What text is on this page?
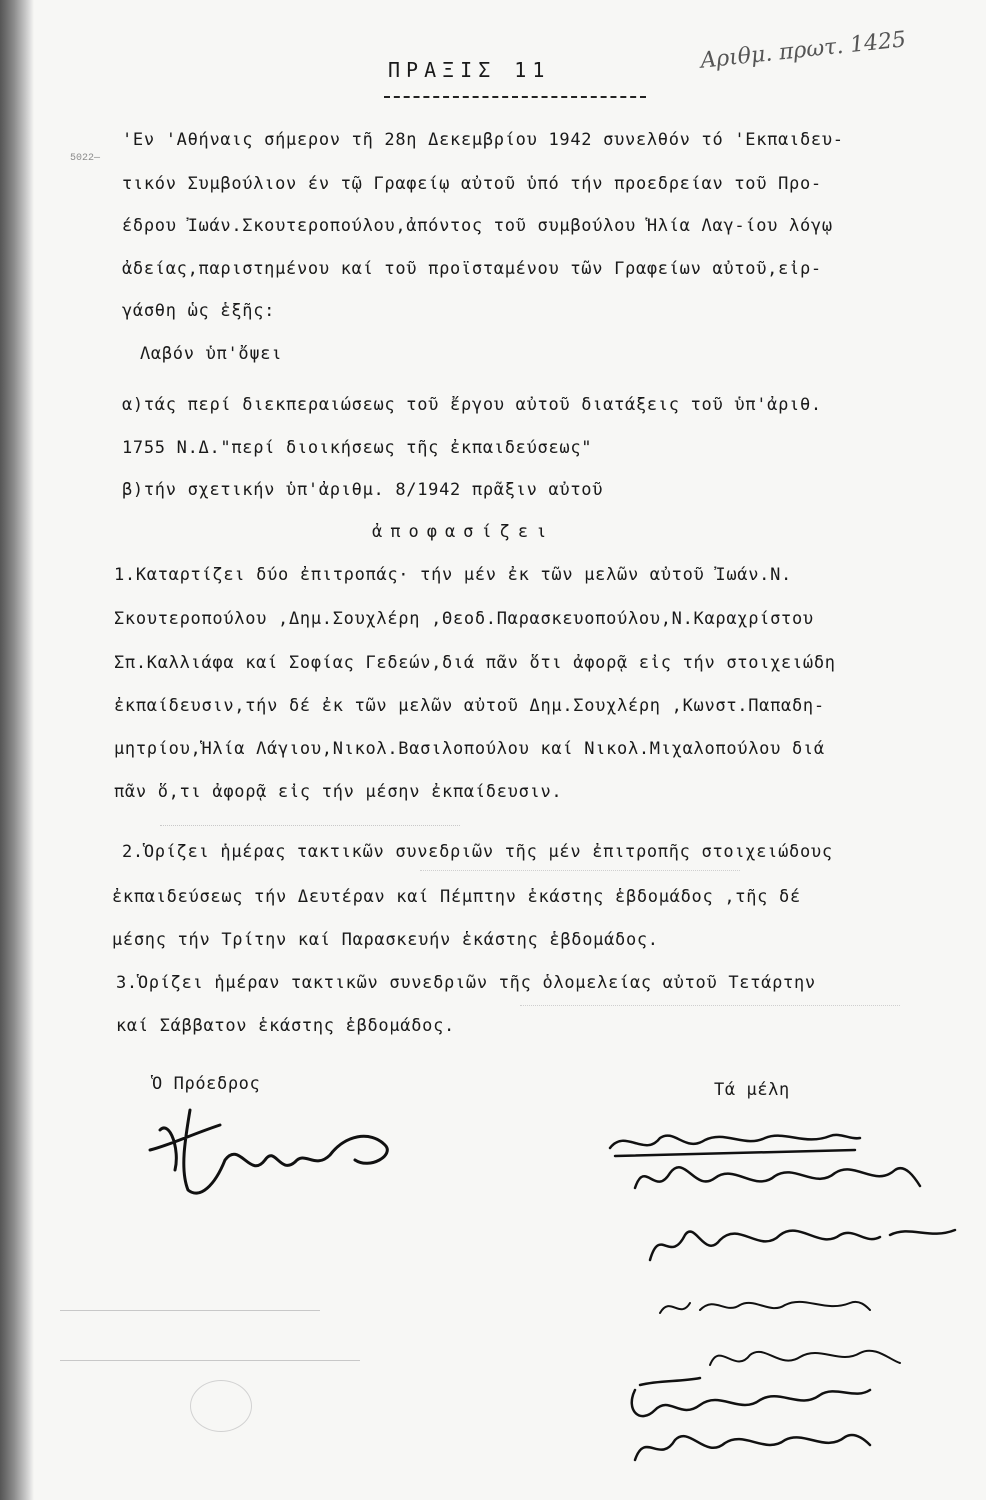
5022—
ΠΡΑΞΙΣ 11	Αριθμ. πρωτ. 1425
'Εν 'Αθήναις σήμερον τῆ 28η Δεκεμβρίου 1942 συνελθόν τό 'Εκπαιδευ-
τικόν Συμβούλιον έν τῷ Γραφείῳ αὐτοῦ ὑπό τήν προεδρείαν τοῦ Προ-
έδρου Ἰωάν.Σκουτεροπούλου,ἀπόντος τοῦ συμβούλου Ἡλία Λαγ-ίου λόγῳ
ἀδείας,παριστημένου καί τοῦ προϊσταμένου τῶν Γραφείων αὐτοῦ,εἰρ-
γάσθη ὡς ἑξῆς:
Λαβόν ὑπ'ὄψει
α)τάς περί διεκπεραιώσεως τοῦ ἔργου αὐτοῦ διατάξεις τοῦ ὑπ'ἀριθ.
1755 Ν.Δ."περί διοικήσεως τῆς ἐκπαιδεύσεως"
β)τήν σχετικήν ὑπ'ἀριθμ. 8/1942 πρᾶξιν αὐτοῦ
ἀποφασίζει
1.Καταρτίζει δύο ἐπιτροπάς· τήν μέν ἐκ τῶν μελῶν αὐτοῦ Ἰωάν.Ν.
Σκουτεροπούλου ,Δημ.Σουχλέρη ,Θεοδ.Παρασκευοπούλου,Ν.Καραχρίστου
Σπ.Καλλιάφα καί Σοφίας Γεδεών,διά πᾶν ὅτι ἀφορᾷ εἰς τήν στοιχειώδη
ἐκπαίδευσιν,τήν δέ ἐκ τῶν μελῶν αὐτοῦ Δημ.Σουχλέρη ,Κωνστ.Παπαδη-
μητρίου,Ἡλία Λάγιου,Νικολ.Βασιλοπούλου καί Νικολ.Μιχαλοπούλου διά
πᾶν ὅ,τι ἀφορᾷ εἰς τήν μέσην ἐκπαίδευσιν.
2.Ὁρίζει ἡμέρας τακτικῶν συνεδριῶν τῆς μέν ἐπιτροπῆς στοιχειώδους
ἐκπαιδεύσεως τήν Δευτέραν καί Πέμπτην ἑκάστης ἑβδομάδος ,τῆς δέ
μέσης τήν Τρίτην καί Παρασκευήν ἑκάστης ἑβδομάδος.
3.Ὁρίζει ἡμέραν τακτικῶν συνεδριῶν τῆς ὁλομελείας αὐτοῦ Τετάρτην
καί Σάββατον ἑκάστης ἑβδομάδος.
Ὁ Πρόεδρος	Τά μέλη
